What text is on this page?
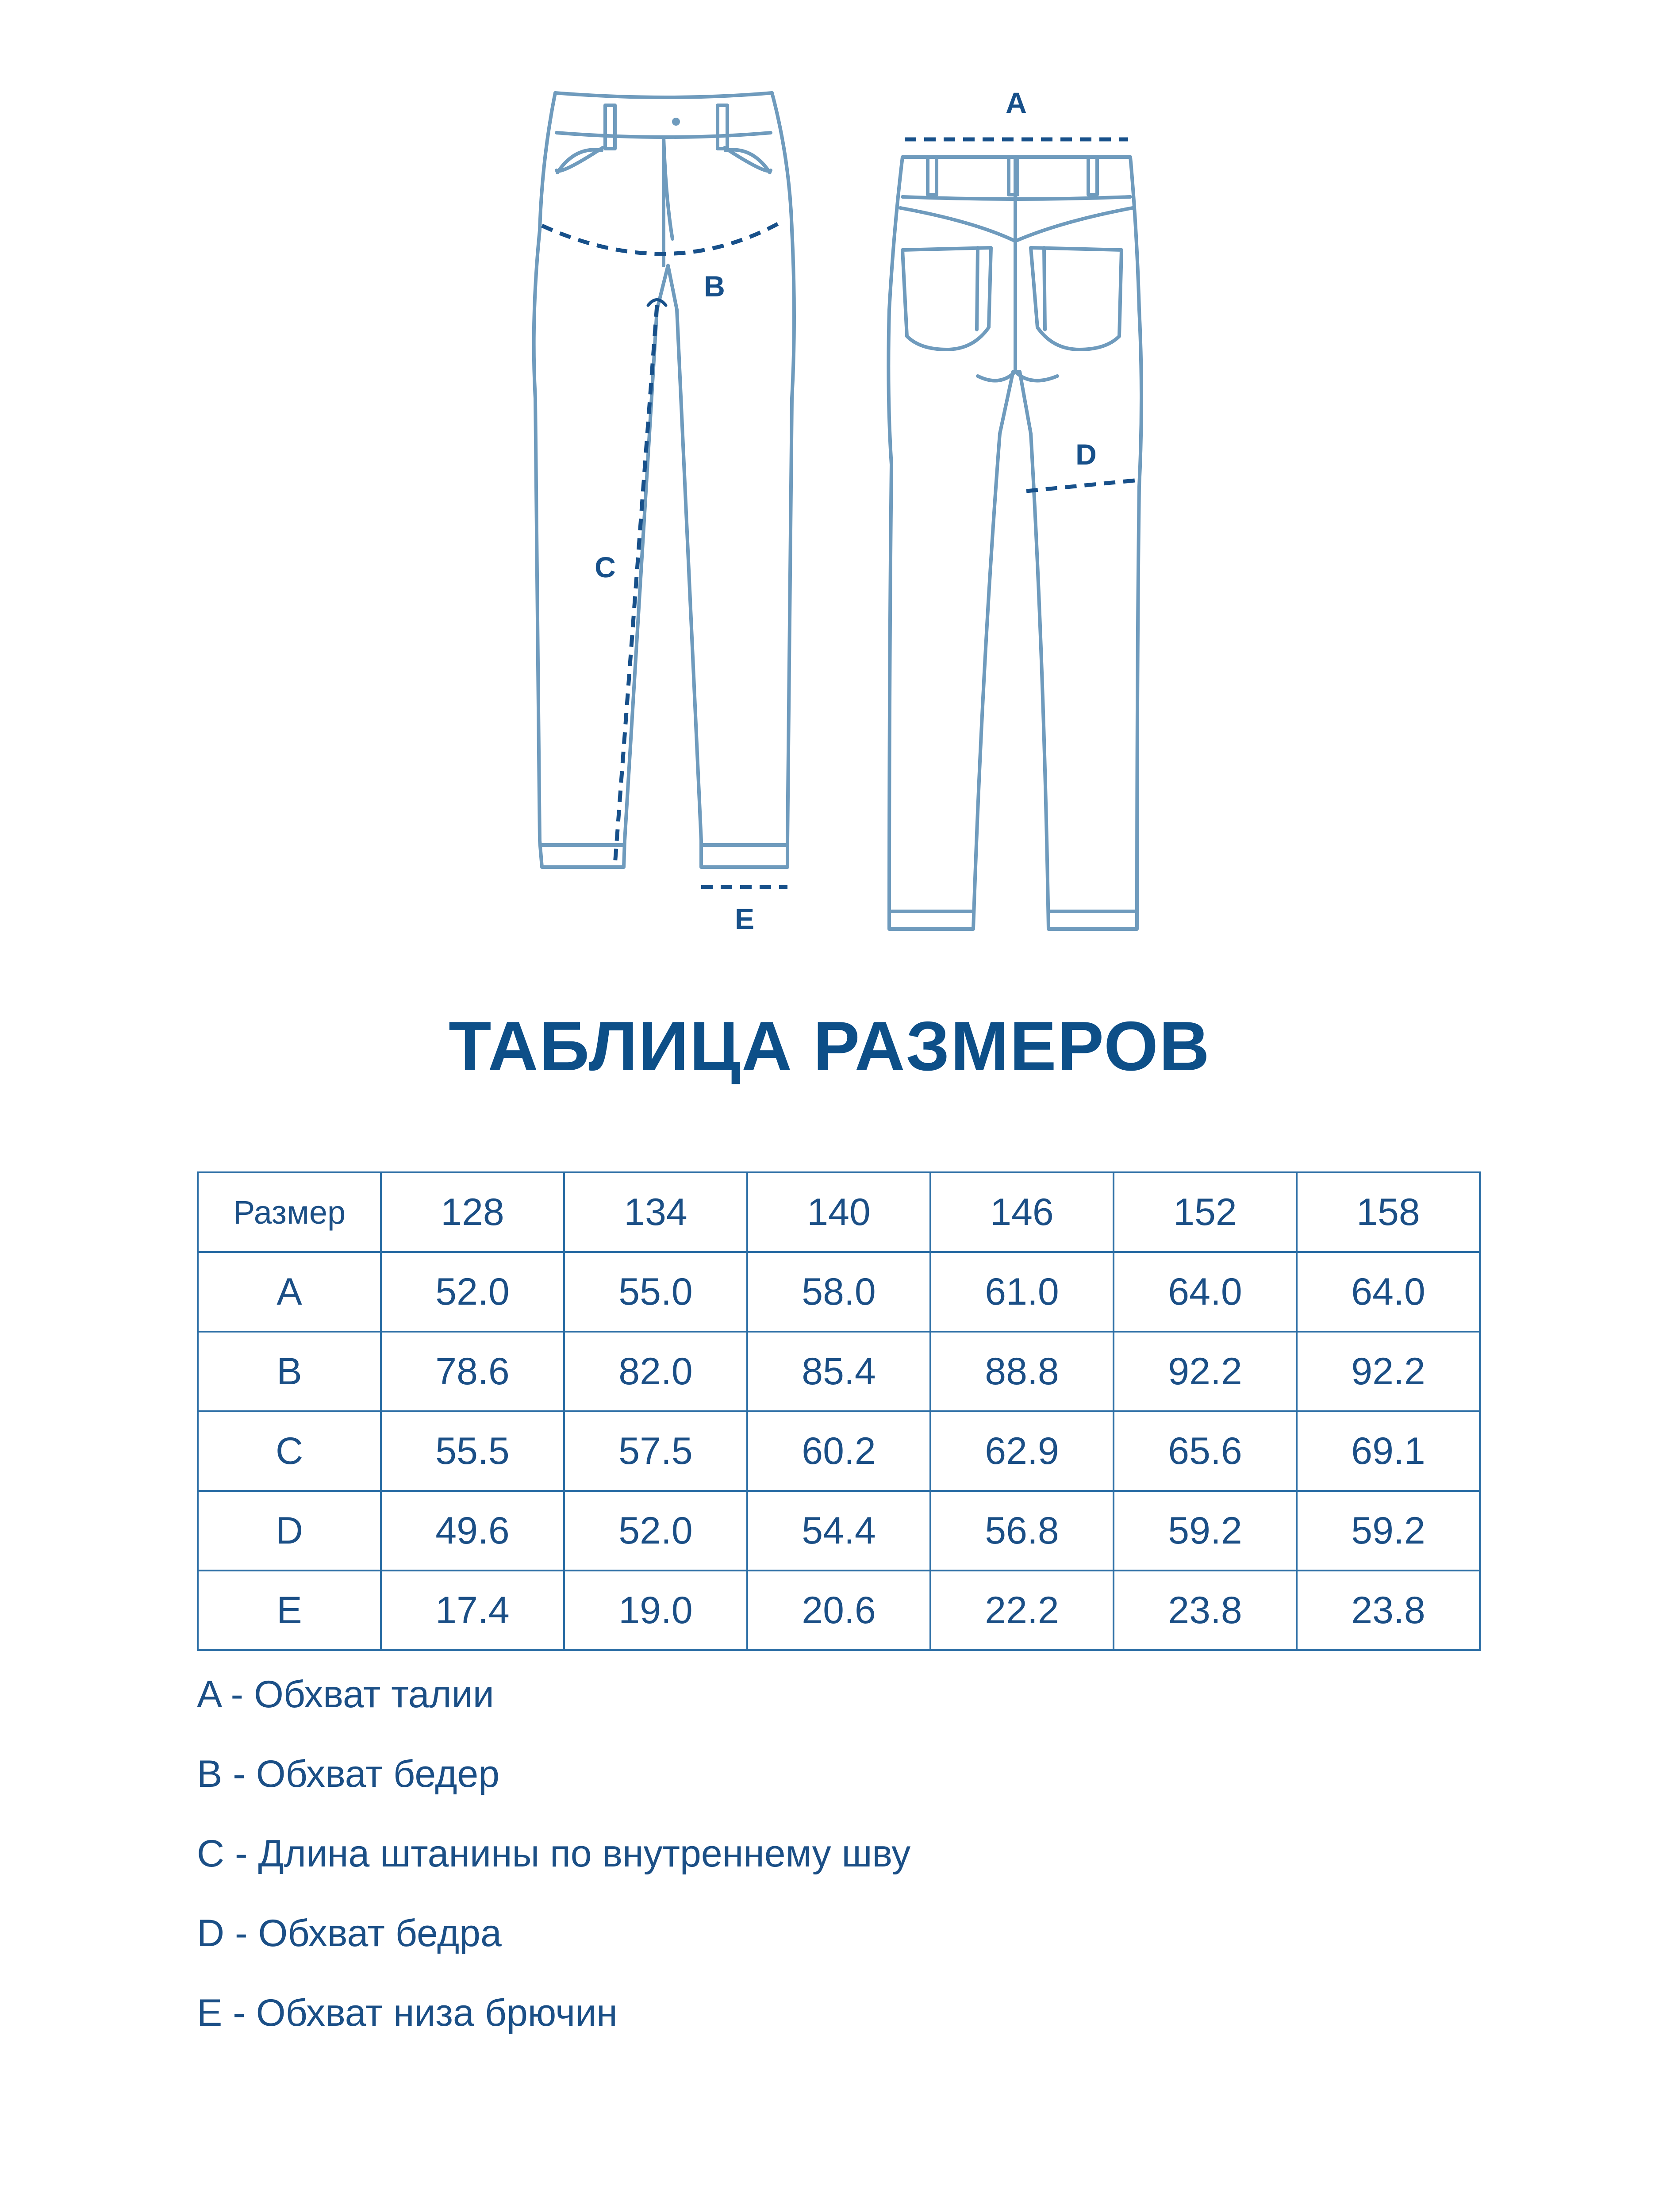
A
B
C
D
E
ТАБЛИЦА РАЗМЕРОВ
Размер	128	134	140	146	152	158
A	52.0	55.0	58.0	61.0	64.0	64.0
B	78.6	82.0	85.4	88.8	92.2	92.2
C	55.5	57.5	60.2	62.9	65.6	69.1
D	49.6	52.0	54.4	56.8	59.2	59.2
E	17.4	19.0	20.6	22.2	23.8	23.8
A - Обхват талии
B - Обхват бедер
C - Длина штанины по внутреннему шву
D - Обхват бедра
E - Обхват низа брючин
